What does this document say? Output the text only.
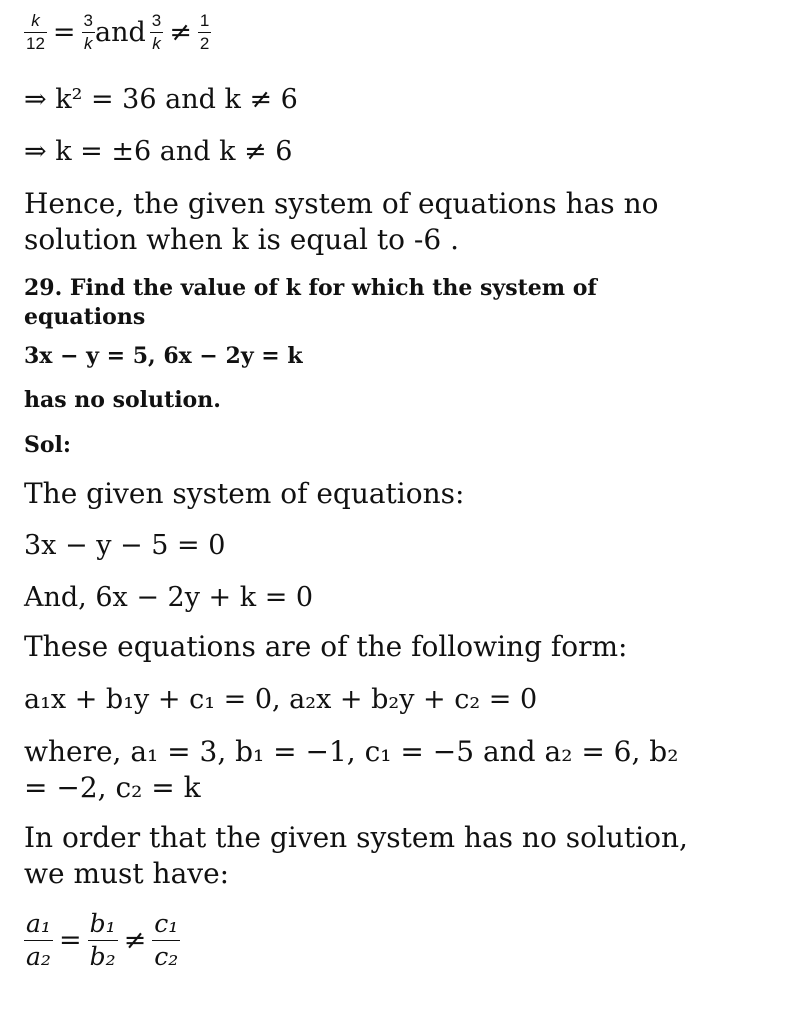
$\frac{k}{12} = \frac{3}{k}$ and $\frac{3}{k} \ne \frac{1}{2}$
⇒ k² = 36 and k ≠ 6
⇒ k = ±6 and k ≠ 6
Hence, the given system of equations has no solution when k is equal to -6 .
29. Find the value of k for which the system of equations
3x − y = 5, 6x − 2y = k
has no solution.
Sol:
The given system of equations:
3x − y − 5 = 0
And, 6x − 2y + k = 0
These equations are of the following form:
a₁x + b₁y + c₁ = 0, a₂x + b₂y + c₂ = 0
where, a₁ = 3, b₁ = −1, c₁ = −5 and a₂ = 6, b₂ = −2, c₂ = k
In order that the given system has no solution, we must have:
$\frac{\text{a₁}}{\text{a₂}} = \frac{\text{b₁}}{\text{b₂}} \ne \frac{\text{c₁}}{\text{c₂}}$
